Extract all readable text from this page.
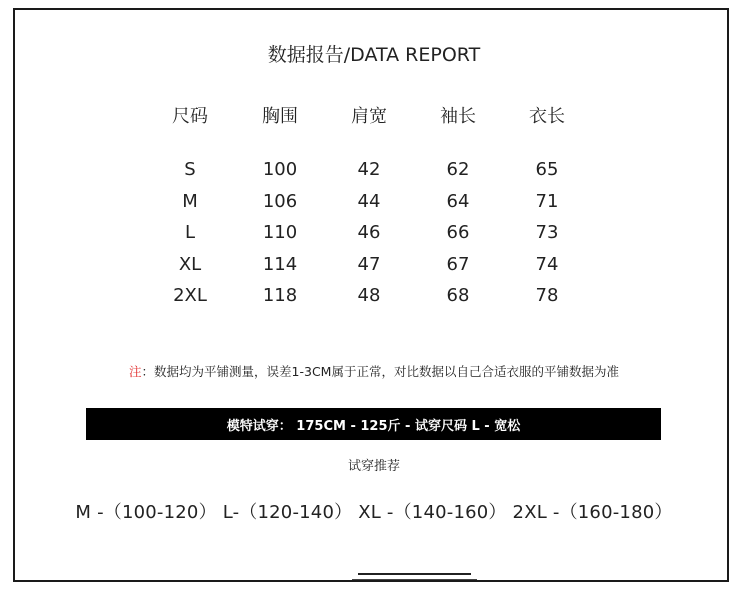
数据报告/DATA REPORT
尺码	胸围	肩宽	袖长	衣长
S	100	42	62	65
M	106	44	64	71
L	110	46	66	73
XL	114	47	67	74
2XL	118	48	68	78
注：数据均为平铺测量，误差1-3CM属于正常，对比数据以自己合适衣服的平铺数据为准
模特试穿： 175CM - 125斤 - 试穿尺码 L - 宽松
试穿推荐
M -（100-120） L-（120-140） XL -（140-160） 2XL -（160-180）
